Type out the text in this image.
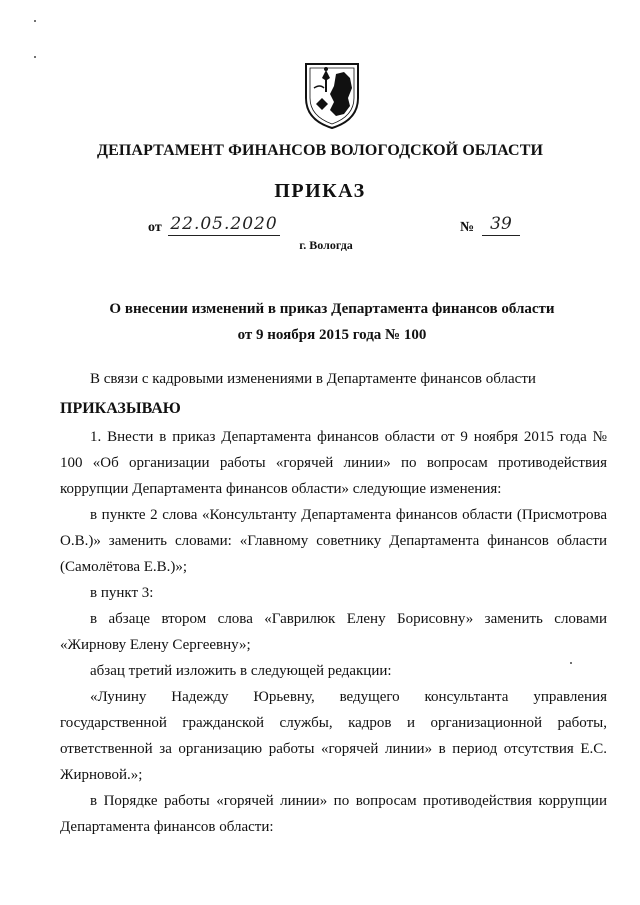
ДЕПАРТАМЕНТ ФИНАНСОВ ВОЛОГОДСКОЙ ОБЛАСТИ
ПРИКАЗ
от 22.05.2020	№ 39
г. Вологда
О внесении изменений в приказ Департамента финансов области
от 9 ноября 2015 года № 100

В связи с кадровыми изменениями в Департаменте финансов области

ПРИКАЗЫВАЮ

1. Внести в приказ Департамента финансов области от 9 ноября 2015 года № 100 «Об организации работы «горячей линии» по вопросам противодействия коррупции Департамента финансов области» следующие изменения:

в пункте 2 слова «Консультанту Департамента финансов области (Присмотрова О.В.)» заменить словами: «Главному советнику Департамента финансов области (Самолётова Е.В.)»;

в пункт 3:

в абзаце втором слова «Гаврилюк Елену Борисовну» заменить словами «Жирнову Елену Сергеевну»;

абзац третий изложить в следующей редакции:

«Лунину Надежду Юрьевну, ведущего консультанта управления государственной гражданской службы, кадров и организационной работы, ответственной за организацию работы «горячей линии» в период отсутствия Е.С. Жирновой.»;

в Порядке работы «горячей линии» по вопросам противодействия коррупции Департамента финансов области:
